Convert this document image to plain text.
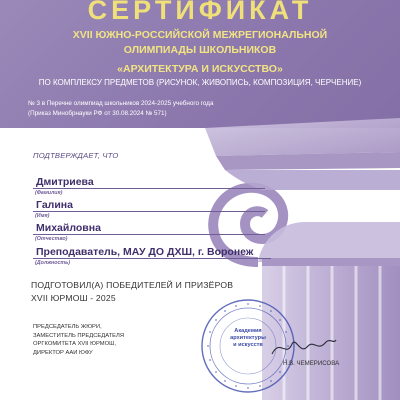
СЕРТИФИКАТ
XVII ЮЖНО-РОССИЙСКОЙ МЕЖРЕГИОНАЛЬНОЙ
ОЛИМПИАДЫ ШКОЛЬНИКОВ
«АРХИТЕКТУРА И ИСКУССТВО»
ПО КОМПЛЕКСУ ПРЕДМЕТОВ (РИСУНОК, ЖИВОПИСЬ, КОМПОЗИЦИЯ, ЧЕРЧЕНИЕ)
№ 3 в Перечне олимпиад школьников 2024-2025 учебного года
(Приказ Минобрнауки РФ от 30.08.2024 № 571)
ПОДТВЕРЖДАЕТ, ЧТО
Дмитриева
(Фамилия)
Галина
(Имя)
Михайловна
(Отчество)
Преподаватель, МАУ ДО ДХШ, г. Воронеж
(Должность)
ПОДГОТОВИЛ(А) ПОБЕДИТЕЛЕЙ И ПРИЗЁРОВ
XVII ЮРМОШ - 2025
ПРЕДСЕДАТЕЛЬ ЖЮРИ,
ЗАМЕСТИТЕЛЬ ПРЕДСЕДАТЕЛЯ
ОРГКОМИТЕТА XVII ЮРМОШ,
ДИРЕКТОР ААИ ЮФУ
Академия
архитектуры
и искусств
Н.В. ЧЕМЕРИСОВА
